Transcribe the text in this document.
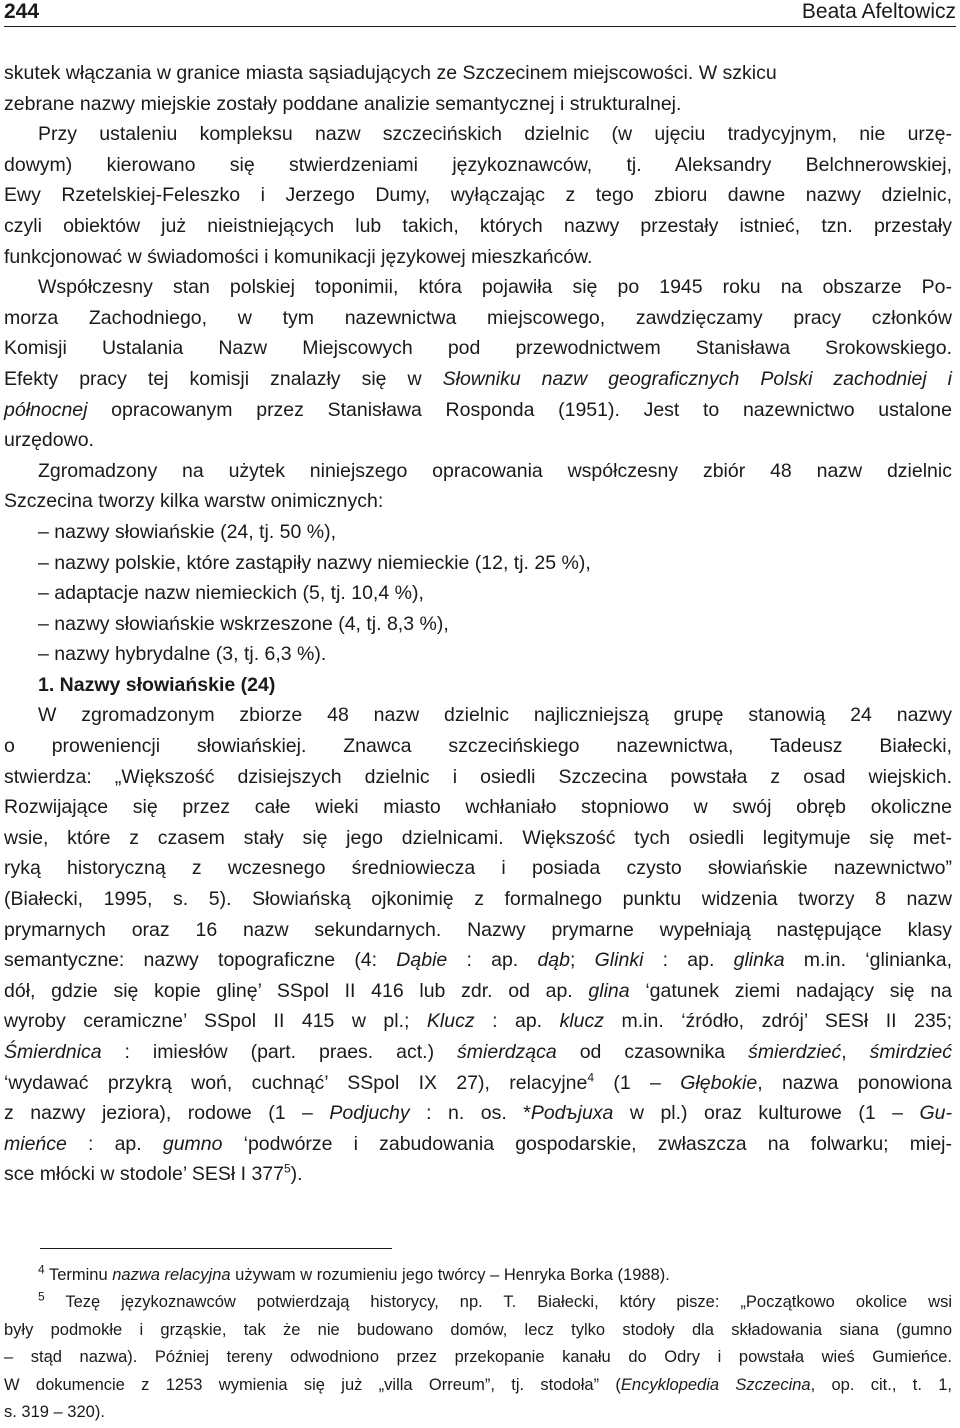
244	Beata Afeltowicz
skutek włączania w granice miasta sąsiadujących ze Szczecinem miejscowości. W szkicu
zebrane nazwy miejskie zostały poddane analizie semantycznej i strukturalnej.
Przy ustaleniu kompleksu nazw szczecińskich dzielnic (w ujęciu tradycyjnym, nie urzę-
dowym) kierowano się stwierdzeniami językoznawców, tj. Aleksandry Belchnerowskiej,
Ewy Rzetelskiej-Feleszko i Jerzego Dumy, wyłączając z tego zbioru dawne nazwy dzielnic,
czyli obiektów już nieistniejących lub takich, których nazwy przestały istnieć, tzn. przestały
funkcjonować w świadomości i komunikacji językowej mieszkańców.
Współczesny stan polskiej toponimii, która pojawiła się po 1945 roku na obszarze Po-
morza Zachodniego, w tym nazewnictwa miejscowego, zawdzięczamy pracy członków
Komisji Ustalania Nazw Miejscowych pod przewodnictwem Stanisława Srokowskiego.
Efekty pracy tej komisji znalazły się w Słowniku nazw geograficznych Polski zachodniej i
północnej opracowanym przez Stanisława Rosponda (1951). Jest to nazewnictwo ustalone
urzędowo.
Zgromadzony na użytek niniejszego opracowania współczesny zbiór 48 nazw dzielnic
Szczecina tworzy kilka warstw onimicznych:
– nazwy słowiańskie (24, tj. 50 %),
– nazwy polskie, które zastąpiły nazwy niemieckie (12, tj. 25 %),
– adaptacje nazw niemieckich (5, tj. 10,4 %),
– nazwy słowiańskie wskrzeszone (4, tj. 8,3 %),
– nazwy hybrydalne (3, tj. 6,3 %).
1. Nazwy słowiańskie (24)
W zgromadzonym zbiorze 48 nazw dzielnic najliczniejszą grupę stanowią 24 nazwy
o proweniencji słowiańskiej. Znawca szczecińskiego nazewnictwa, Tadeusz Białecki,
stwierdza: „Większość dzisiejszych dzielnic i osiedli Szczecina powstała z osad wiejskich.
Rozwijające się przez całe wieki miasto wchłaniało stopniowo w swój obręb okoliczne
wsie, które z czasem stały się jego dzielnicami. Większość tych osiedli legitymuje się met-
ryką historyczną z wczesnego średniowiecza i posiada czysto słowiańskie nazewnictwo”
(Białecki, 1995, s. 5). Słowiańską ojkonimię z formalnego punktu widzenia tworzy 8 nazw
prymarnych oraz 16 nazw sekundarnych. Nazwy prymarne wypełniają następujące klasy
semantyczne: nazwy topograficzne (4: Dąbie : ap. dąb; Glinki : ap. glinka m.in. ‘glinianka,
dół, gdzie się kopie glinę’ SSpol II 416 lub zdr. od ap. glina ‘gatunek ziemi nadający się na
wyroby ceramiczne’ SSpol II 415 w pl.; Klucz : ap. klucz m.in. ‘źródło, zdrój’ SESł II 235;
Śmierdnica : imiesłów (part. praes. act.) śmierdząca od czasownika śmierdzieć, śmirdzieć
‘wydawać przykrą woń, cuchnąć’ SSpol IX 27), relacyjne$^4$ (1 – Głębokie, nazwa ponowiona
z nazwy jeziora), rodowe (1 – Podjuchy : n. os. *Podъjuxa w pl.) oraz kulturowe (1 – Gu-
mieńce : ap. gumno ‘podwórze i zabudowania gospodarskie, zwłaszcza na folwarku; miej-
sce młócki w stodole’ SESł I $377^5$).
$^4$ Terminu nazwa relacyjna używam w rozumieniu jego twórcy – Henryka Borka (1988).
$^5$ Tezę językoznawców potwierdzają historycy, np. T. Białecki, który pisze: „Początkowo okolice wsi
były podmokłe i grząskie, tak że nie budowano domów, lecz tylko stodoły dla składowania siana (gumno
– stąd nazwa). Później tereny odwodniono przez przekopanie kanału do Odry i powstała wieś Gumieńce.
W dokumencie z 1253 wymienia się już „villa Orreum”, tj. stodoła” (Encyklopedia Szczecina, op. cit., t. 1,
s. 319 – 320).
